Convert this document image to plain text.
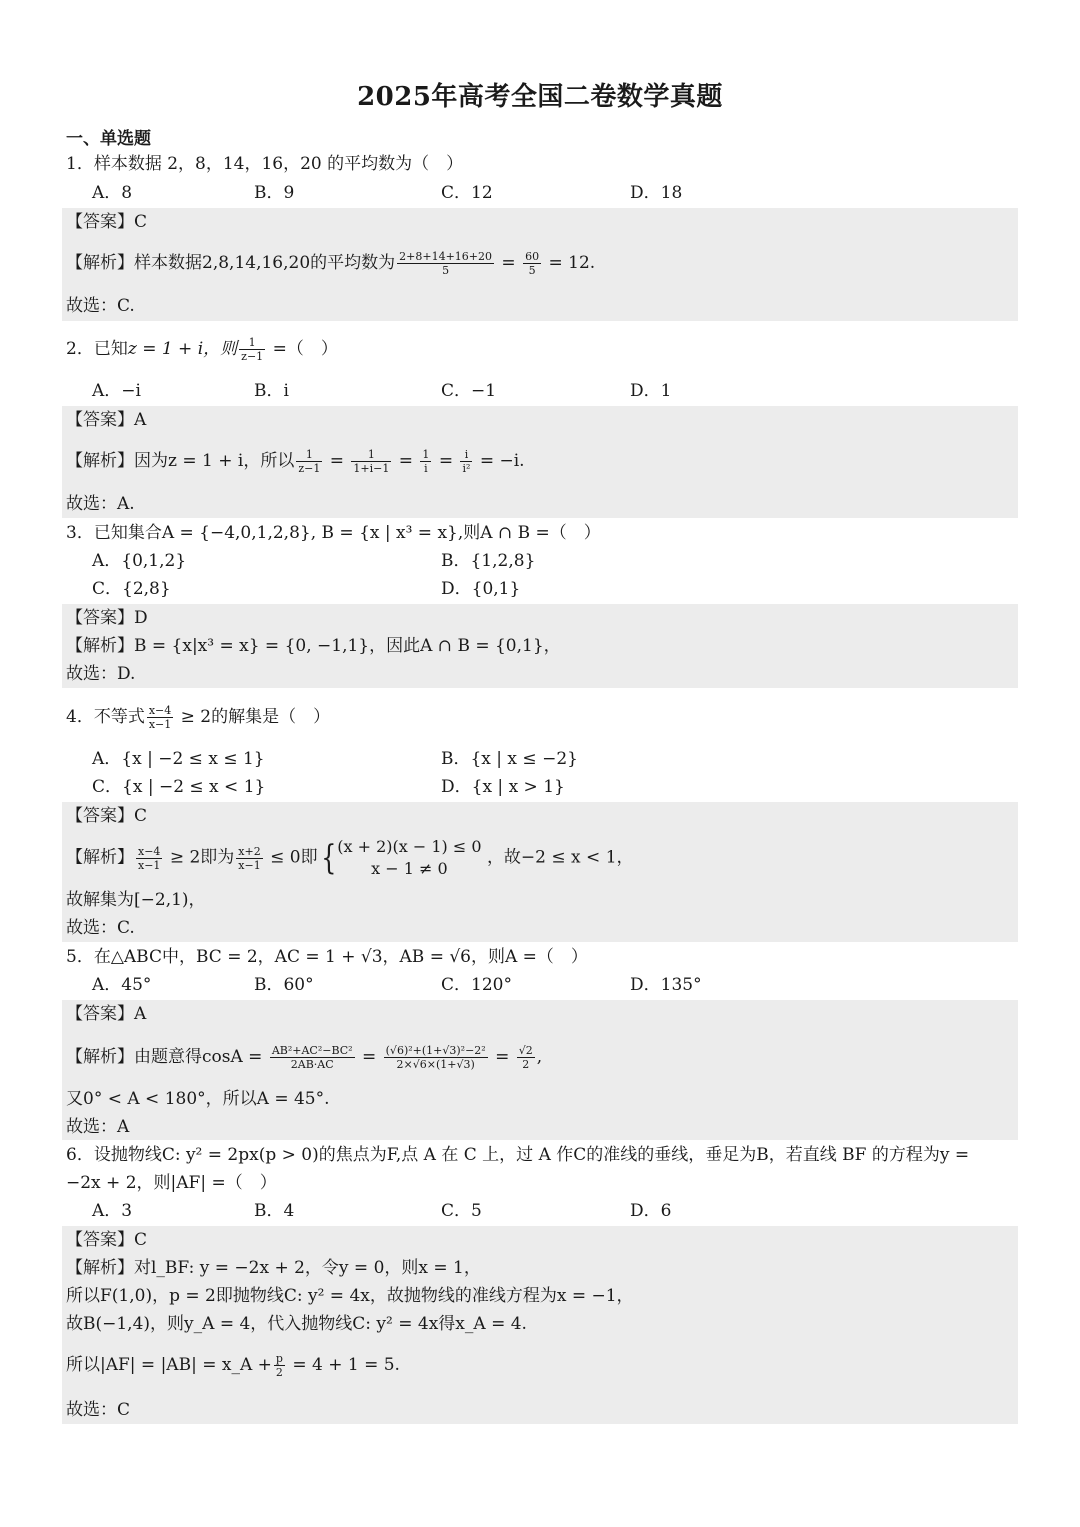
2025年高考全国二卷数学真题
一、单选题
1．样本数据 2，8，14，16，20 的平均数为（　）
A．8	B．9	C．12	D．18
【答案】C
【解析】样本数据2,8,14,16,20的平均数为 $\frac{2+8+14+16+20}{5} = \frac{60}{5} = 12$.
故选：C.
2．已知z = 1 + i，则 $\frac{1}{z-1}$ =（　）
A．−i	B．i	C．−1	D．1
【答案】A
【解析】因为z = 1 + i，所以 $\frac{1}{z-1} = \frac{1}{1+i-1} = \frac{1}{i} = \frac{i}{\text{i²}} = -i$.
故选：A.
3．已知集合A = {−4,0,1,2,8}, B = {x | x³ = x},则A ∩ B =（　）
A．{0,1,2}	B．{1,2,8}
C．{2,8}	D．{0,1}
【答案】D
【解析】B = {x|x³ = x} = {0, −1,1}，因此A ∩ B = {0,1}，
故选：D.
4．不等式 $\frac{x-4}{x-1} \ge 2$的解集是（　）
A．{x | −2 ≤ x ≤ 1}	B．{x | x ≤ −2}
C．{x | −2 ≤ x < 1}	D．{x | x > 1}
【答案】C
【解析】 $\frac{x-4}{x-1} \ge 2$即为 $\frac{x+2}{x-1} \le 0$即{ (x + 2)(x − 1) ≤ 0
x − 1 ≠ 0
，故−2 ≤ x < 1，
故解集为[−2,1)，
故选：C.
5．在△ABC中，BC = 2，AC = 1 + √3，AB = √6，则A =（　）
A．45°	B．60°	C．120°	D．135°
【答案】A
【解析】由题意得$\cos A = \frac{\text{AB²+AC²−BC²}}{2AB\cdot AC} = \frac{\text{(√6)²+(1+√3)²−2²}}{2\times√6\times(1+√3)} = \frac{√2}{2}$ ,
又0° < A < 180°，所以A = 45°.
故选：A
6．设抛物线C: y² = 2px(p > 0)的焦点为F,点 A 在 C 上，过 A 作C的准线的垂线，垂足为B，若直线 BF 的方程为y =
−2x + 2，则|AF| =（　）
A．3	B．4	C．5	D．6
【答案】C
【解析】对l_BF: y = −2x + 2，令y = 0，则x = 1，
所以F(1,0)，p = 2即抛物线C: y² = 4x，故抛物线的准线方程为x = −1，
故B(−1,4)，则y_A = 4，代入抛物线C: y² = 4x得x_A = 4.
所以|AF| = |AB| = x_A + $\frac{p}{2} = 4 + 1 = 5$.
故选：C
